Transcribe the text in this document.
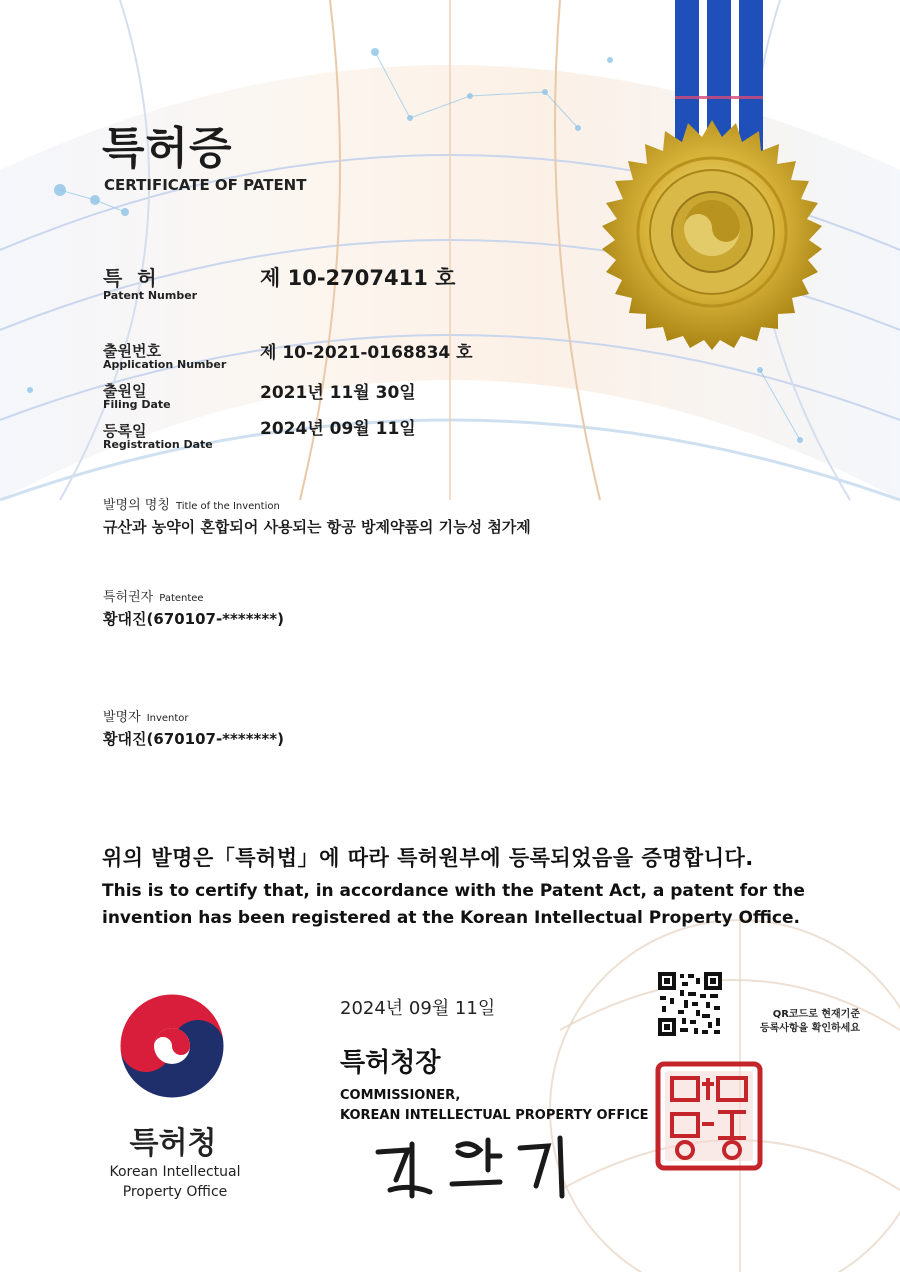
특허증
CERTIFICATE OF PATENT
특 허
Patent Number
제 10-2707411 호
출원번호
Application Number
제 10-2021-0168834 호
출원일
Filing Date
2021년 11월 30일
등록일
Registration Date
2024년 09월 11일
발명의 명칭 Title of the Invention
규산과 농약이 혼합되어 사용되는 항공 방제약품의 기능성 첨가제
특허권자 Patentee
황대진(670107-*******)
발명자 Inventor
황대진(670107-*******)
위의 발명은「특허법」에 따라 특허원부에 등록되었음을 증명합니다.
This is to certify that, in accordance with the Patent Act, a patent for the
invention has been registered at the Korean Intellectual Property Office.
2024년 09월 11일
특허청장
COMMISSIONER,
KOREAN INTELLECTUAL PROPERTY OFFICE
특허청
Korean Intellectual
Property Office
QR코드로 현재기준
등록사항을 확인하세요
